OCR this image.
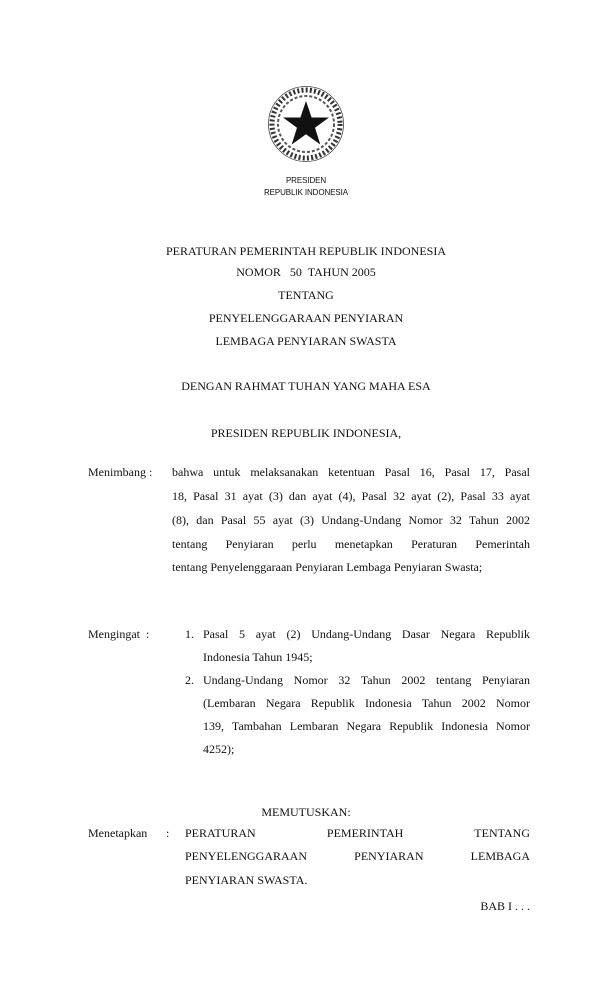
PRESIDEN
REPUBLIK INDONESIA
PERATURAN PEMERINTAH REPUBLIK INDONESIA
NOMOR   50  TAHUN 2005
TENTANG
PENYELENGGARAAN PENYIARAN
LEMBAGA PENYIARAN SWASTA
DENGAN RAHMAT TUHAN YANG MAHA ESA
PRESIDEN REPUBLIK INDONESIA,
Menimbang : bahwa untuk melaksanakan ketentuan Pasal 16, Pasal 17, Pasal
18, Pasal 31 ayat (3) dan ayat (4), Pasal 32 ayat (2), Pasal 33 ayat
(8), dan Pasal 55 ayat (3) Undang-Undang Nomor 32 Tahun 2002
tentang Penyiaran perlu menetapkan Peraturan Pemerintah
tentang Penyelenggaraan Penyiaran Lembaga Penyiaran Swasta;
Mengingat  :	1. Pasal 5 ayat (2) Undang-Undang Dasar Negara Republik
Indonesia Tahun 1945;
2. Undang-Undang Nomor 32 Tahun 2002 tentang Penyiaran
(Lembaran Negara Republik Indonesia Tahun 2002 Nomor
139, Tambahan Lembaran Negara Republik Indonesia Nomor
4252);
MEMUTUSKAN:
Menetapkan : PERATURAN PEMERINTAH TENTANG
PENYELENGGARAAN PENYIARAN LEMBAGA
PENYIARAN SWASTA.
BAB I . . .
